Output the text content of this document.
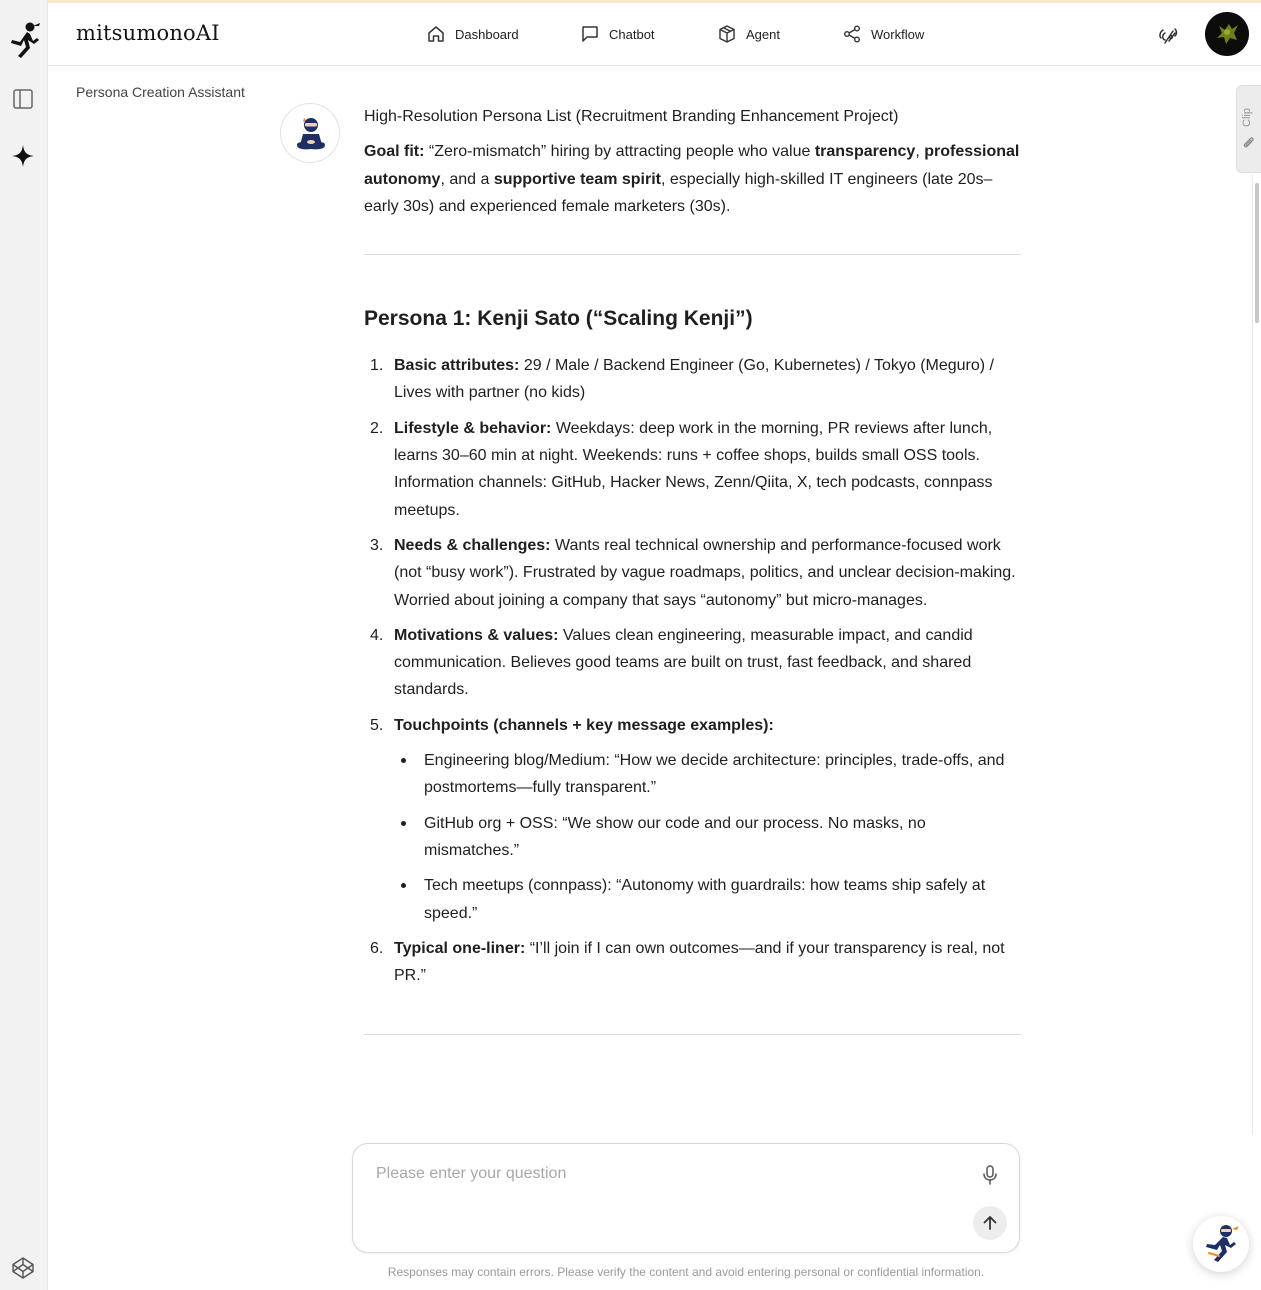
mitsumonoAI	Dashboard	Chatbot	Agent	Workflow
Persona Creation Assistant
Clip

High-Resolution Persona List (Recruitment Branding Enhancement Project)

Goal fit: “Zero-mismatch” hiring by attracting people who value transparency, professional autonomy, and a supportive team spirit, especially high-skilled IT engineers (late 20s–early 30s) and experienced female marketers (30s).

Persona 1: Kenji Sato (“Scaling Kenji”)
1. Basic attributes: 29 / Male / Backend Engineer (Go, Kubernetes) / Tokyo (Meguro) / Lives with partner (no kids)
2. Lifestyle & behavior: Weekdays: deep work in the morning, PR reviews after lunch, learns 30–60 min at night. Weekends: runs + coffee shops, builds small OSS tools. Information channels: GitHub, Hacker News, Zenn/Qiita, X, tech podcasts, connpass meetups.
3. Needs & challenges: Wants real technical ownership and performance-focused work (not “busy work”). Frustrated by vague roadmaps, politics, and unclear decision-making. Worried about joining a company that says “autonomy” but micro-manages.
4. Motivations & values: Values clean engineering, measurable impact, and candid communication. Believes good teams are built on trust, fast feedback, and shared standards.
5. Touchpoints (channels + key message examples):
Engineering blog/Medium: “How we decide architecture: principles, trade-offs, and postmortems—fully transparent.”
GitHub org + OSS: “We show our code and our process. No masks, no mismatches.”
Tech meetups (connpass): “Autonomy with guardrails: how teams ship safely at speed.”
6. Typical one-liner: “I’ll join if I can own outcomes—and if your transparency is real, not PR.”
Please enter your question
Responses may contain errors. Please verify the content and avoid entering personal or confidential information.
